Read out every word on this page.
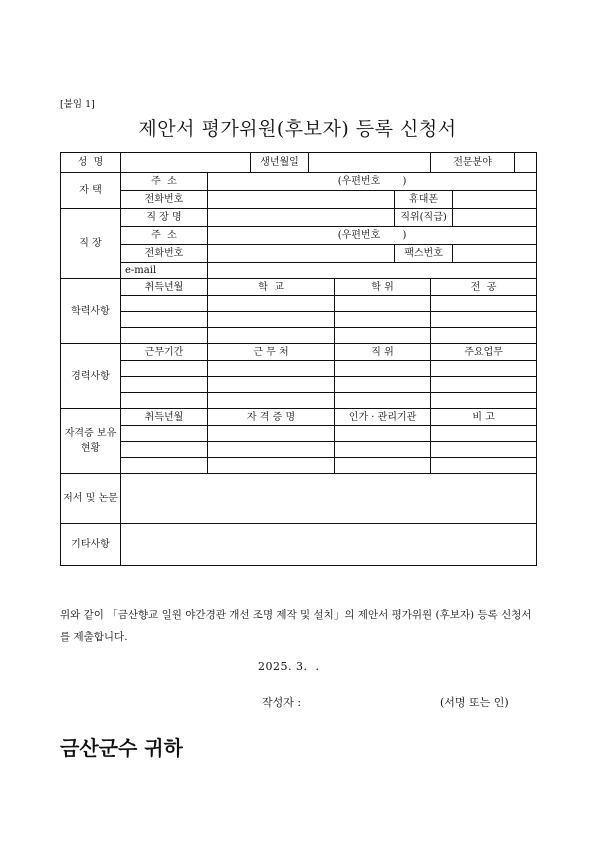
[붙임 1]
제안서 평가위원(후보자) 등록 신청서
성  명			생년월일				전문분야		
자 택	주  소	(우편번호       )							
	전화번호					휴대폰			
직 장	직 장 명					직위(직급)			
	주  소	(우편번호       )							
	전화번호					팩스번호			
	e-mail								
학력사항	취득년월	학  교			학 위		전  공		

경력사항	근무기간	근 무 처			직 위		주요업무		

자격증 보유현황	취득년월	자 격 증 명			인가 · 관리기관		비 고		

저서 및 논문									
기타사항									
위와 같이 「금산향교 일원 야간경관 개선 조명 제작 및 설치」의 제안서 평가위원 (후보자) 등록 신청서를 제출합니다.
2025. 3.  .
작성자 :	(서명 또는 인)
금산군수 귀하
